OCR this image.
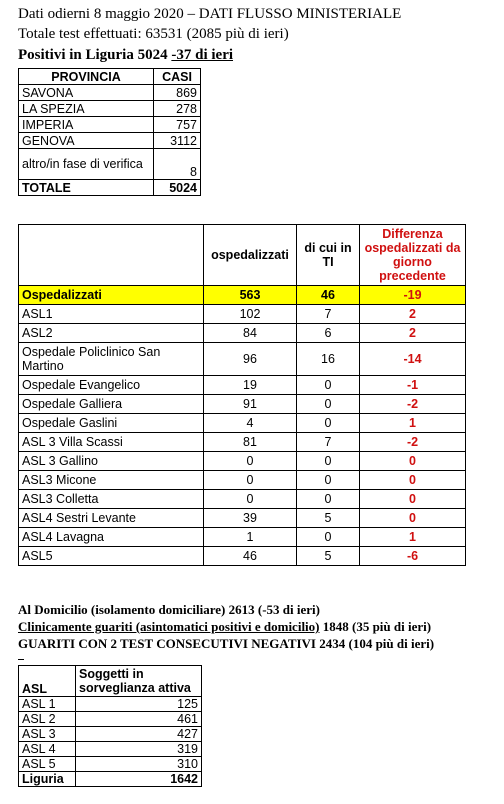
Dati odierni 8 maggio 2020 – DATI FLUSSO MINISTERIALE
Totale test effettuati: 63531 (2085 più di ieri)
Positivi in Liguria 5024 -37 di ieri
PROVINCIA	CASI
SAVONA	869
LA SPEZIA	278
IMPERIA	757
GENOVA	3112
altro/in fase di verifica	8
TOTALE	5024
	ospedalizzati	di cui in TI	Differenza ospedalizzati da giorno precedente
Ospedalizzati	563	46	-19
ASL1	102	7	2
ASL2	84	6	2
Ospedale Policlinico San Martino	96	16	-14
Ospedale Evangelico	19	0	-1
Ospedale Galliera	91	0	-2
Ospedale Gaslini	4	0	1
ASL 3 Villa Scassi	81	7	-2
ASL 3 Gallino	0	0	0
ASL3 Micone	0	0	0
ASL3 Colletta	0	0	0
ASL4 Sestri Levante	39	5	0
ASL4 Lavagna	1	0	1
ASL5	46	5	-6
Al Domicilio (isolamento domiciliare) 2613 (-53 di ieri)
Clinicamente guariti (asintomatici positivi e domicilio) 1848 (35 più di ieri)
GUARITI CON 2 TEST CONSECUTIVI NEGATIVI 2434 (104 più di ieri)
ASL	Soggetti in sorveglianza attiva
ASL 1	125
ASL 2	461
ASL 3	427
ASL 4	319
ASL 5	310
Liguria	1642
